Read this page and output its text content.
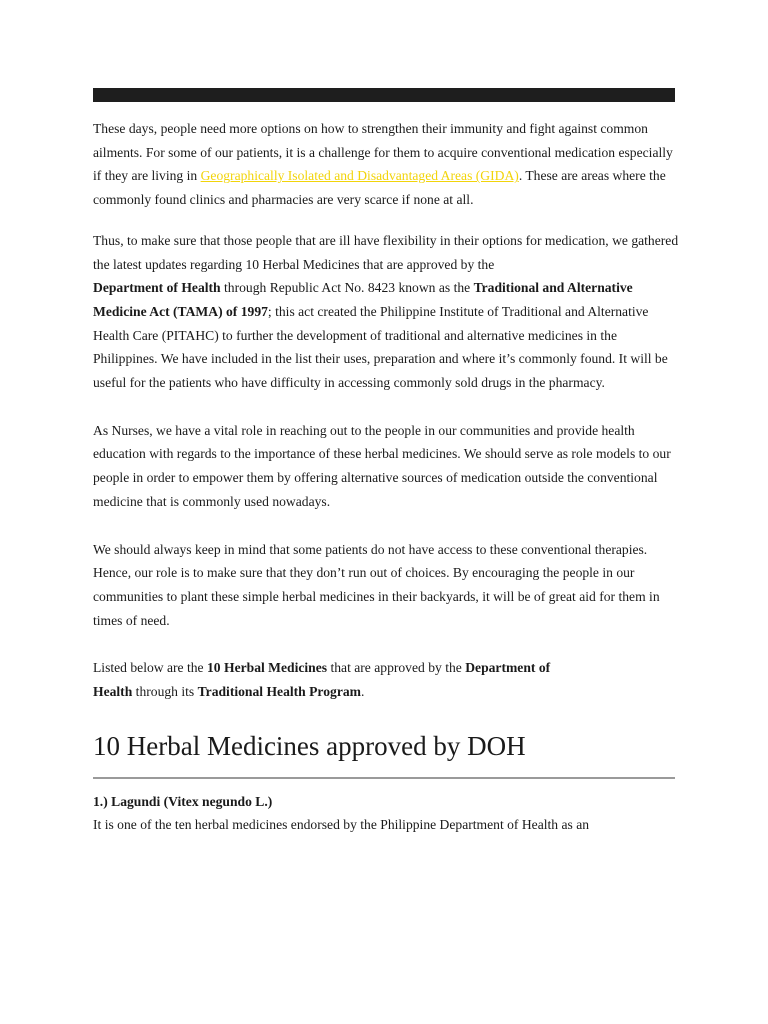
These days, people need more options on how to strengthen their immunity and fight against common ailments. For some of our patients, it is a challenge for them to acquire conventional medication especially if they are living in Geographically Isolated and Disadvantaged Areas (GIDA). These are areas where the commonly found clinics and pharmacies are very scarce if none at all.

Thus, to make sure that those people that are ill have flexibility in their options for medication, we gathered the latest updates regarding 10 Herbal Medicines that are approved by the
Department of Health through Republic Act No. 8423 known as the Traditional and Alternative Medicine Act (TAMA) of 1997; this act created the Philippine Institute of Traditional and Alternative Health Care (PITAHC) to further the development of traditional and alternative medicines in the Philippines. We have included in the list their uses, preparation and where it’s commonly found. It will be useful for the patients who have difficulty in accessing commonly sold drugs in the pharmacy.

As Nurses, we have a vital role in reaching out to the people in our communities and provide health education with regards to the importance of these herbal medicines. We should serve as role models to our people in order to empower them by offering alternative sources of medication outside the conventional medicine that is commonly used nowadays.

We should always keep in mind that some patients do not have access to these conventional therapies. Hence, our role is to make sure that they don’t run out of choices. By encouraging the people in our communities to plant these simple herbal medicines in their backyards, it will be of great aid for them in times of need.

Listed below are the 10 Herbal Medicines that are approved by the Department of
Health through its Traditional Health Program.

10 Herbal Medicines approved by DOH

1.) Lagundi (Vitex negundo L.)

It is one of the ten herbal medicines endorsed by the Philippine Department of Health as an
